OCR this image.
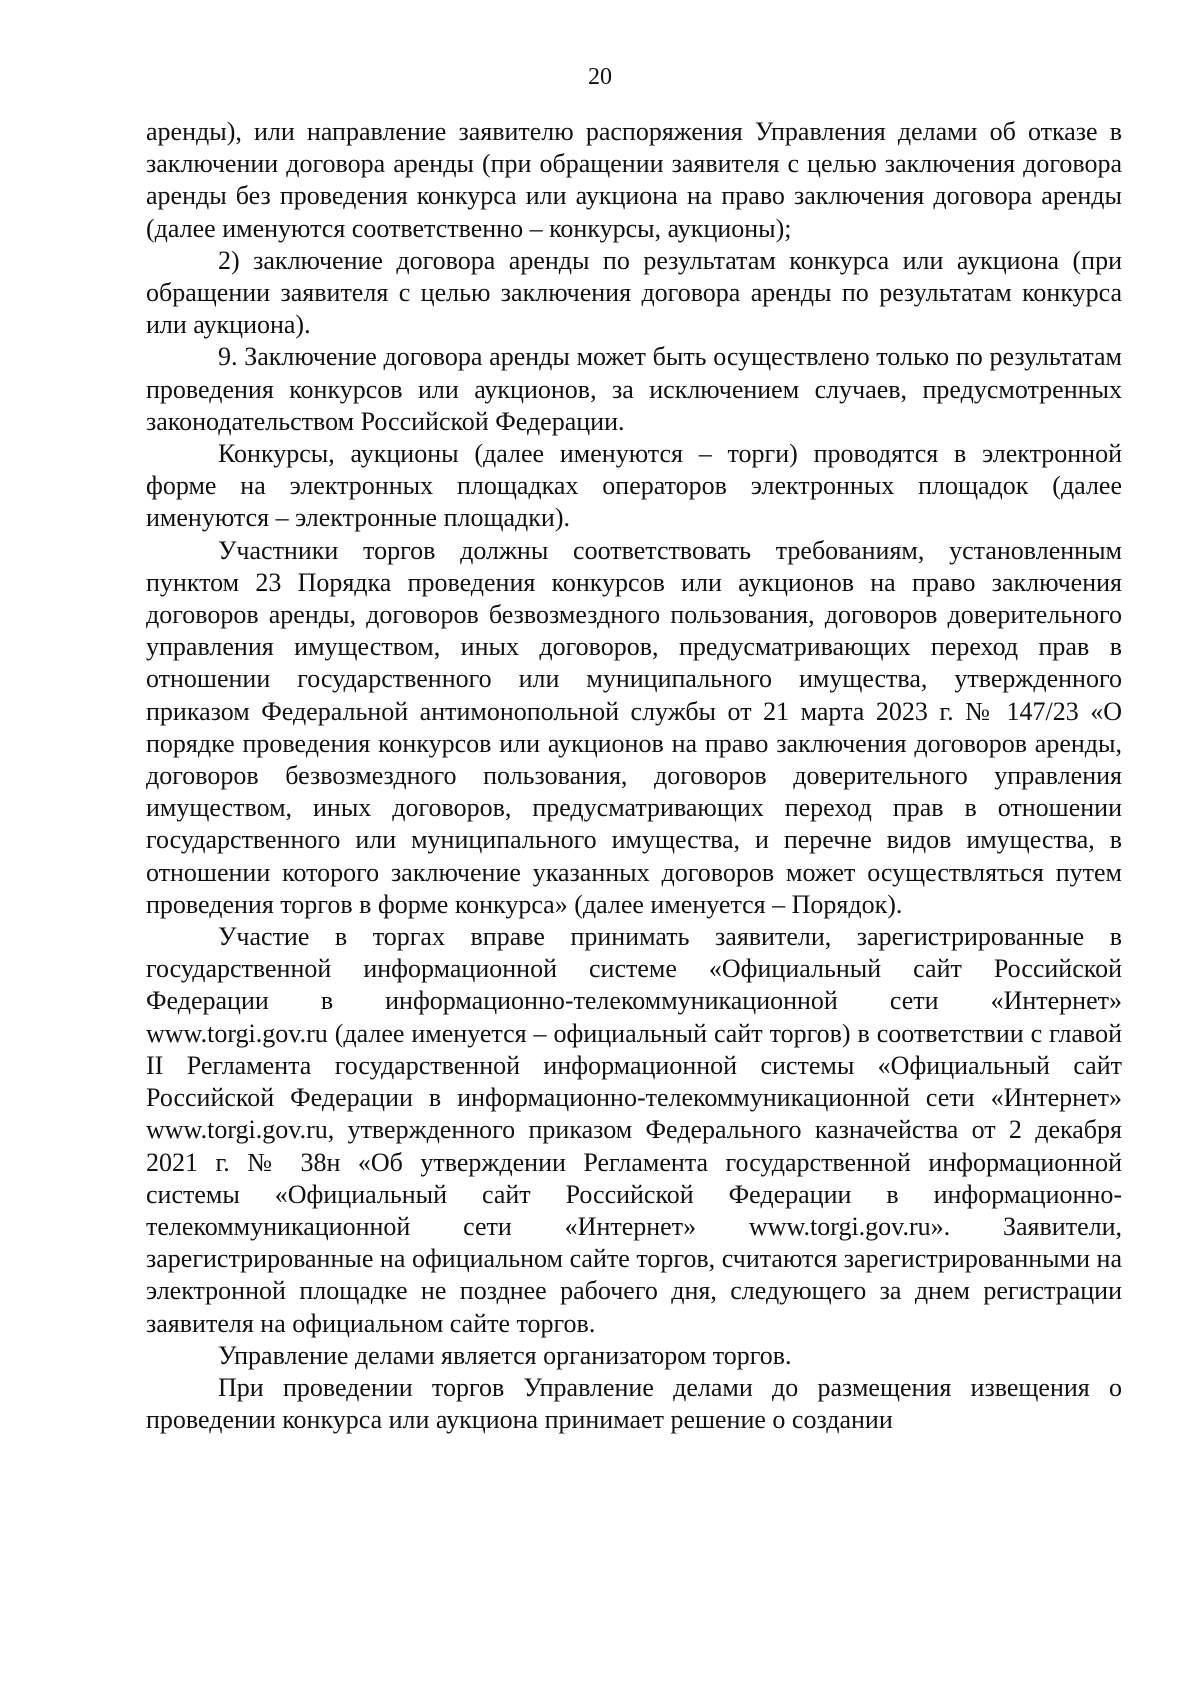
20

аренды), или направление заявителю распоряжения Управления делами об отказе в заключении договора аренды (при обращении заявителя с целью заключения договора аренды без проведения конкурса или аукциона на право заключения договора аренды (далее именуются соответственно – конкурсы, аукционы);

2) заключение договора аренды по результатам конкурса или аукциона (при обращении заявителя с целью заключения договора аренды по результатам конкурса или аукциона).

9. Заключение договора аренды может быть осуществлено только по результатам проведения конкурсов или аукционов, за исключением случаев, предусмотренных законодательством Российской Федерации.

Конкурсы, аукционы (далее именуются – торги) проводятся в электронной форме на электронных площадках операторов электронных площадок (далее именуются – электронные площадки).

Участники торгов должны соответствовать требованиям, установленным пунктом 23 Порядка проведения конкурсов или аукционов на право заключения договоров аренды, договоров безвозмездного пользования, договоров доверительного управления имуществом, иных договоров, предусматривающих переход прав в отношении государственного или муниципального имущества, утвержденного приказом Федеральной антимонопольной службы от 21 марта 2023 г. № 147/23 «О порядке проведения конкурсов или аукционов на право заключения договоров аренды, договоров безвозмездного пользования, договоров доверительного управления имуществом, иных договоров, предусматривающих переход прав в отношении государственного или муниципального имущества, и перечне видов имущества, в отношении которого заключение указанных договоров может осуществляться путем проведения торгов в форме конкурса» (далее именуется – Порядок).

Участие в торгах вправе принимать заявители, зарегистрированные в государственной информационной системе «Официальный сайт Российской Федерации в информационно-телекоммуникационной сети «Интернет» www.torgi.gov.ru (далее именуется – официальный сайт торгов) в соответствии с главой II Регламента государственной информационной системы «Официальный сайт Российской Федерации в информационно-телекоммуникационной сети «Интернет» www.torgi.gov.ru, утвержденного приказом Федерального казначейства от 2 декабря 2021 г. № 38н «Об утверждении Регламента государственной информационной системы «Официальный сайт Российской Федерации в информационно-телекоммуникационной сети «Интернет» www.torgi.gov.ru». Заявители, зарегистрированные на официальном сайте торгов, считаются зарегистрированными на электронной площадке не позднее рабочего дня, следующего за днем регистрации заявителя на официальном сайте торгов.

Управление делами является организатором торгов.

При проведении торгов Управление делами до размещения извещения о проведении конкурса или аукциона принимает решение о создании
